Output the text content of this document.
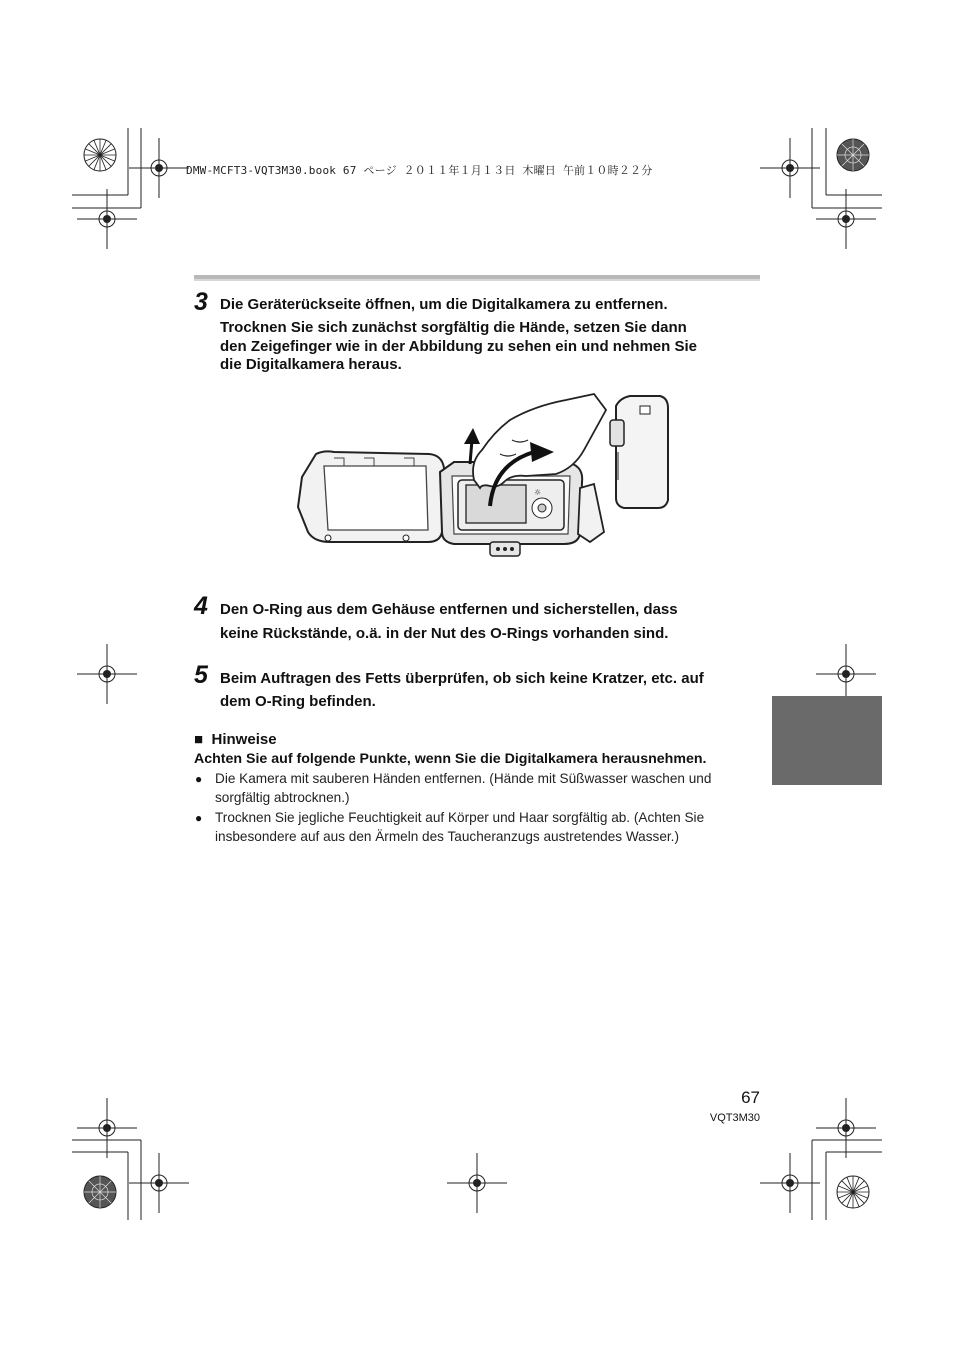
DMW-MCFT3-VQT3M30.book 67 ページ ２０１１年１月１３日 木曜日 午前１０時２２分
3 Die Geräterückseite öffnen, um die Digitalkamera zu entfernen.
Trocknen Sie sich zunächst sorgfältig die Hände, setzen Sie dann
den Zeigefinger wie in der Abbildung zu sehen ein und nehmen Sie
die Digitalkamera heraus.
☼
4 Den O-Ring aus dem Gehäuse entfernen und sicherstellen, dass
keine Rückstände, o.ä. in der Nut des O-Rings vorhanden sind.
5 Beim Auftragen des Fetts überprüfen, ob sich keine Kratzer, etc. auf
dem O-Ring befinden.
■ Hinweise
Achten Sie auf folgende Punkte, wenn Sie die Digitalkamera herausnehmen.
● Die Kamera mit sauberen Händen entfernen. (Hände mit Süßwasser waschen und
sorgfältig abtrocknen.)
● Trocknen Sie jegliche Feuchtigkeit auf Körper und Haar sorgfältig ab. (Achten Sie
insbesondere auf aus den Ärmeln des Taucheranzugs austretendes Wasser.)
67
VQT3M30
